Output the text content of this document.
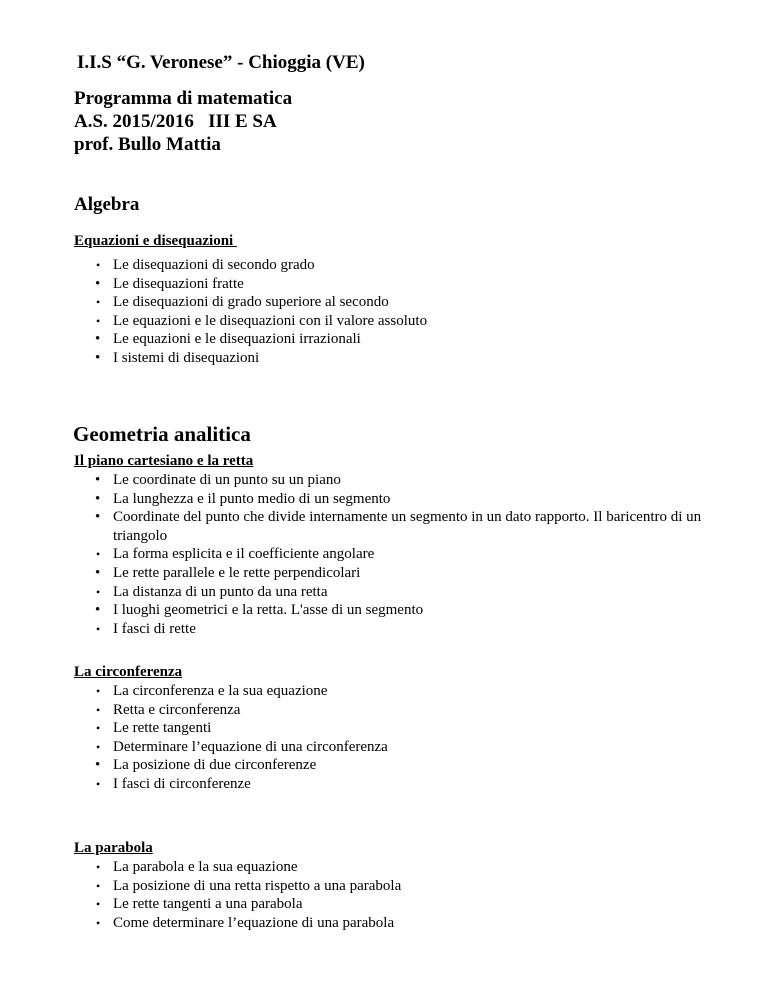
I.I.S “G. Veronese” - Chioggia (VE)
Programma di matematica
A.S. 2015/2016   III E SA
prof. Bullo Mattia
Algebra
Equazioni e disequazioni
• Le disequazioni di secondo grado
• Le disequazioni fratte
• Le disequazioni di grado superiore al secondo
• Le equazioni e le disequazioni con il valore assoluto
• Le equazioni e le disequazioni irrazionali
• I sistemi di disequazioni
Geometria analitica
Il piano cartesiano e la retta
• Le coordinate di un punto su un piano
• La lunghezza e il punto medio di un segmento
• Coordinate del punto che divide internamente un segmento in un dato rapporto. Il baricentro di un triangolo
• La forma esplicita e il coefficiente angolare
• Le rette parallele e le rette perpendicolari
• La distanza di un punto da una retta
• I luoghi geometrici e la retta. L'asse di un segmento
• I fasci di rette
La circonferenza
• La circonferenza e la sua equazione
• Retta e circonferenza
• Le rette tangenti
• Determinare l’equazione di una circonferenza
• La posizione di due circonferenze
• I fasci di circonferenze
La parabola
• La parabola e la sua equazione
• La posizione di una retta rispetto a una parabola
• Le rette tangenti a una parabola
• Come determinare l’equazione di una parabola
